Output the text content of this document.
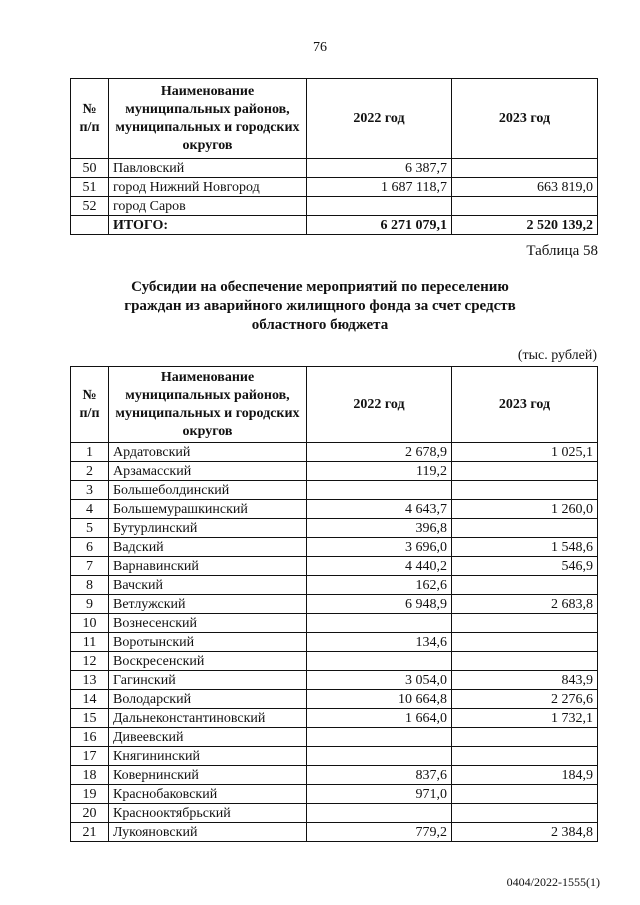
76
№ п/п	Наименование муниципальных районов, муниципальных и городских округов	2022 год	2023 год
50	Павловский	6 387,7	
51	город Нижний Новгород	1 687 118,7	663 819,0
52	город Саров		
	ИТОГО:	6 271 079,1	2 520 139,2
Таблица 58
Субсидии на обеспечение мероприятий по переселению
граждан из аварийного жилищного фонда за счет средств
областного бюджета
(тыс. рублей)
№ п/п	Наименование муниципальных районов, муниципальных и городских округов	2022 год	2023 год
1	Ардатовский	2 678,9	1 025,1
2	Арзамасский	119,2	
3	Большеболдинский		
4	Большемурашкинский	4 643,7	1 260,0
5	Бутурлинский	396,8	
6	Вадский	3 696,0	1 548,6
7	Варнавинский	4 440,2	546,9
8	Вачский	162,6	
9	Ветлужский	6 948,9	2 683,8
10	Вознесенский		
11	Воротынский	134,6	
12	Воскресенский		
13	Гагинский	3 054,0	843,9
14	Володарский	10 664,8	2 276,6
15	Дальнеконстантиновский	1 664,0	1 732,1
16	Дивеевский		
17	Княгининский		
18	Ковернинский	837,6	184,9
19	Краснобаковский	971,0	
20	Краснооктябрьский		
21	Лукояновский	779,2	2 384,8
0404/2022-1555(1)
